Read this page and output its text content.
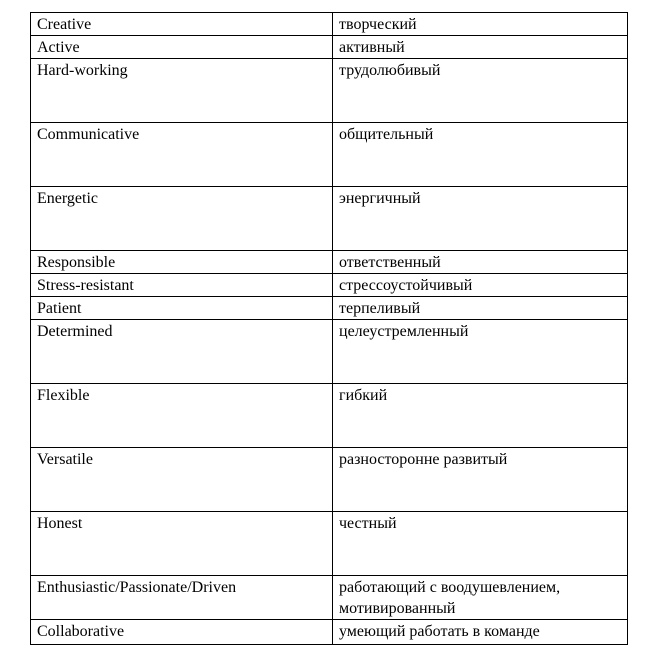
Creative	творческий
Active	активный
Hard-working	трудолюбивый
Communicative	общительный
Energetic	энергичный
Responsible	ответственный
Stress-resistant	стрессоустойчивый
Patient	терпеливый
Determined	целеустремленный
Flexible	гибкий
Versatile	разносторонне развитый
Honest	честный
Enthusiastic/Passionate/Driven	работающий с воодушевлением, мотивированный
Collaborative	умеющий работать в команде
